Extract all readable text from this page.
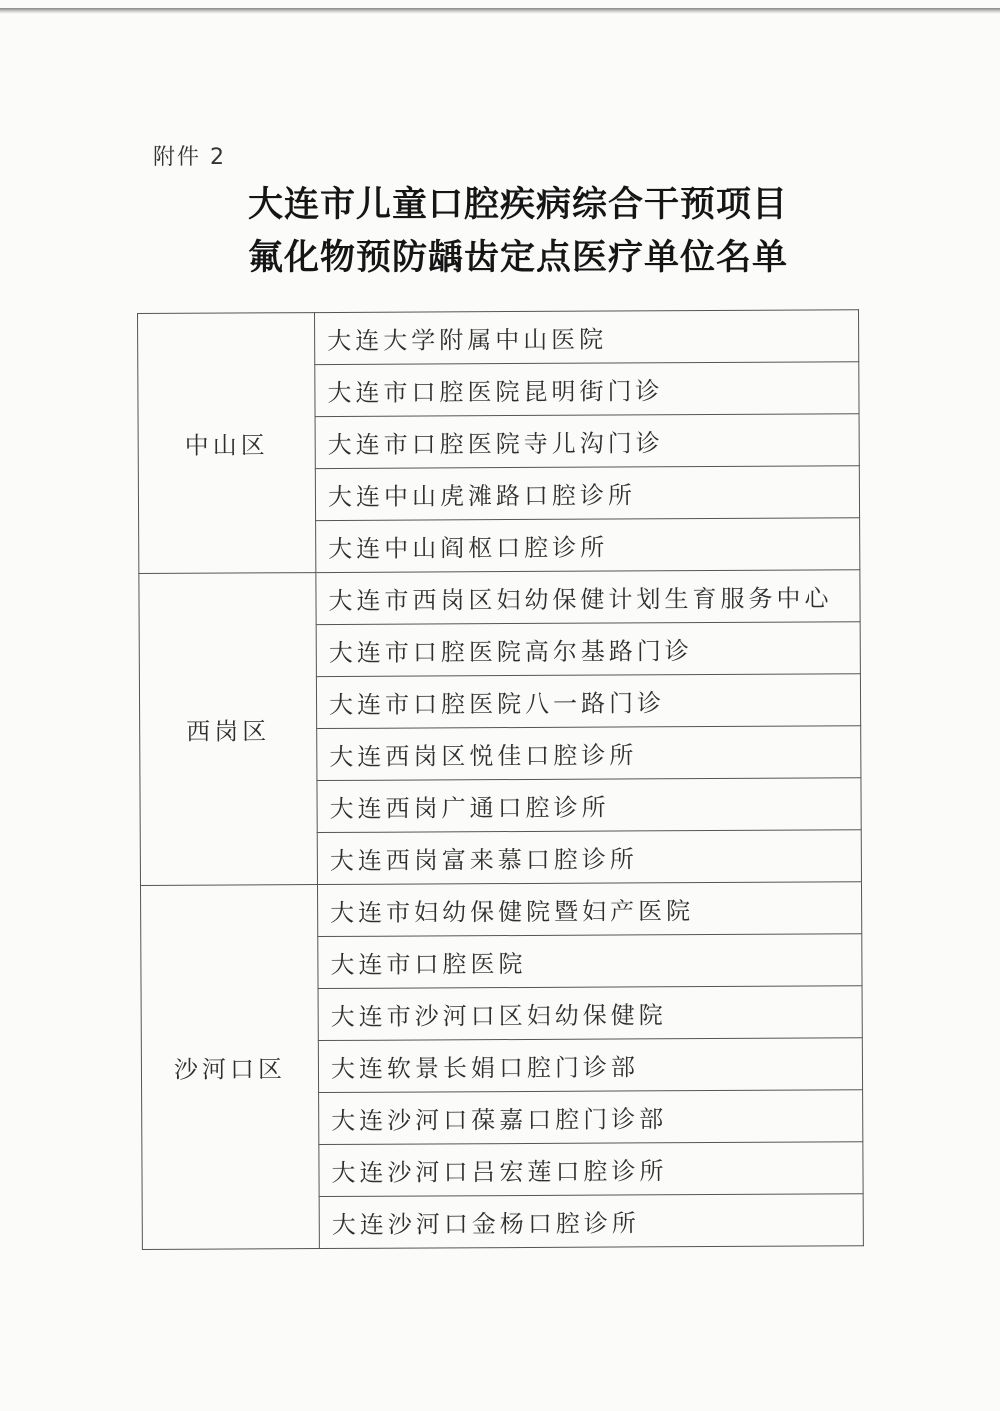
附件 2
大连市儿童口腔疾病综合干预项目
氟化物预防龋齿定点医疗单位名单
中山区	大连大学附属中山医院
	大连市口腔医院昆明街门诊
	大连市口腔医院寺儿沟门诊
	大连中山虎滩路口腔诊所
	大连中山阎枢口腔诊所
西岗区	大连市西岗区妇幼保健计划生育服务中心
	大连市口腔医院高尔基路门诊
	大连市口腔医院八一路门诊
	大连西岗区悦佳口腔诊所
	大连西岗广通口腔诊所
	大连西岗富来慕口腔诊所
沙河口区	大连市妇幼保健院暨妇产医院
	大连市口腔医院
	大连市沙河口区妇幼保健院
	大连软景长娟口腔门诊部
	大连沙河口葆嘉口腔门诊部
	大连沙河口吕宏莲口腔诊所
	大连沙河口金杨口腔诊所
